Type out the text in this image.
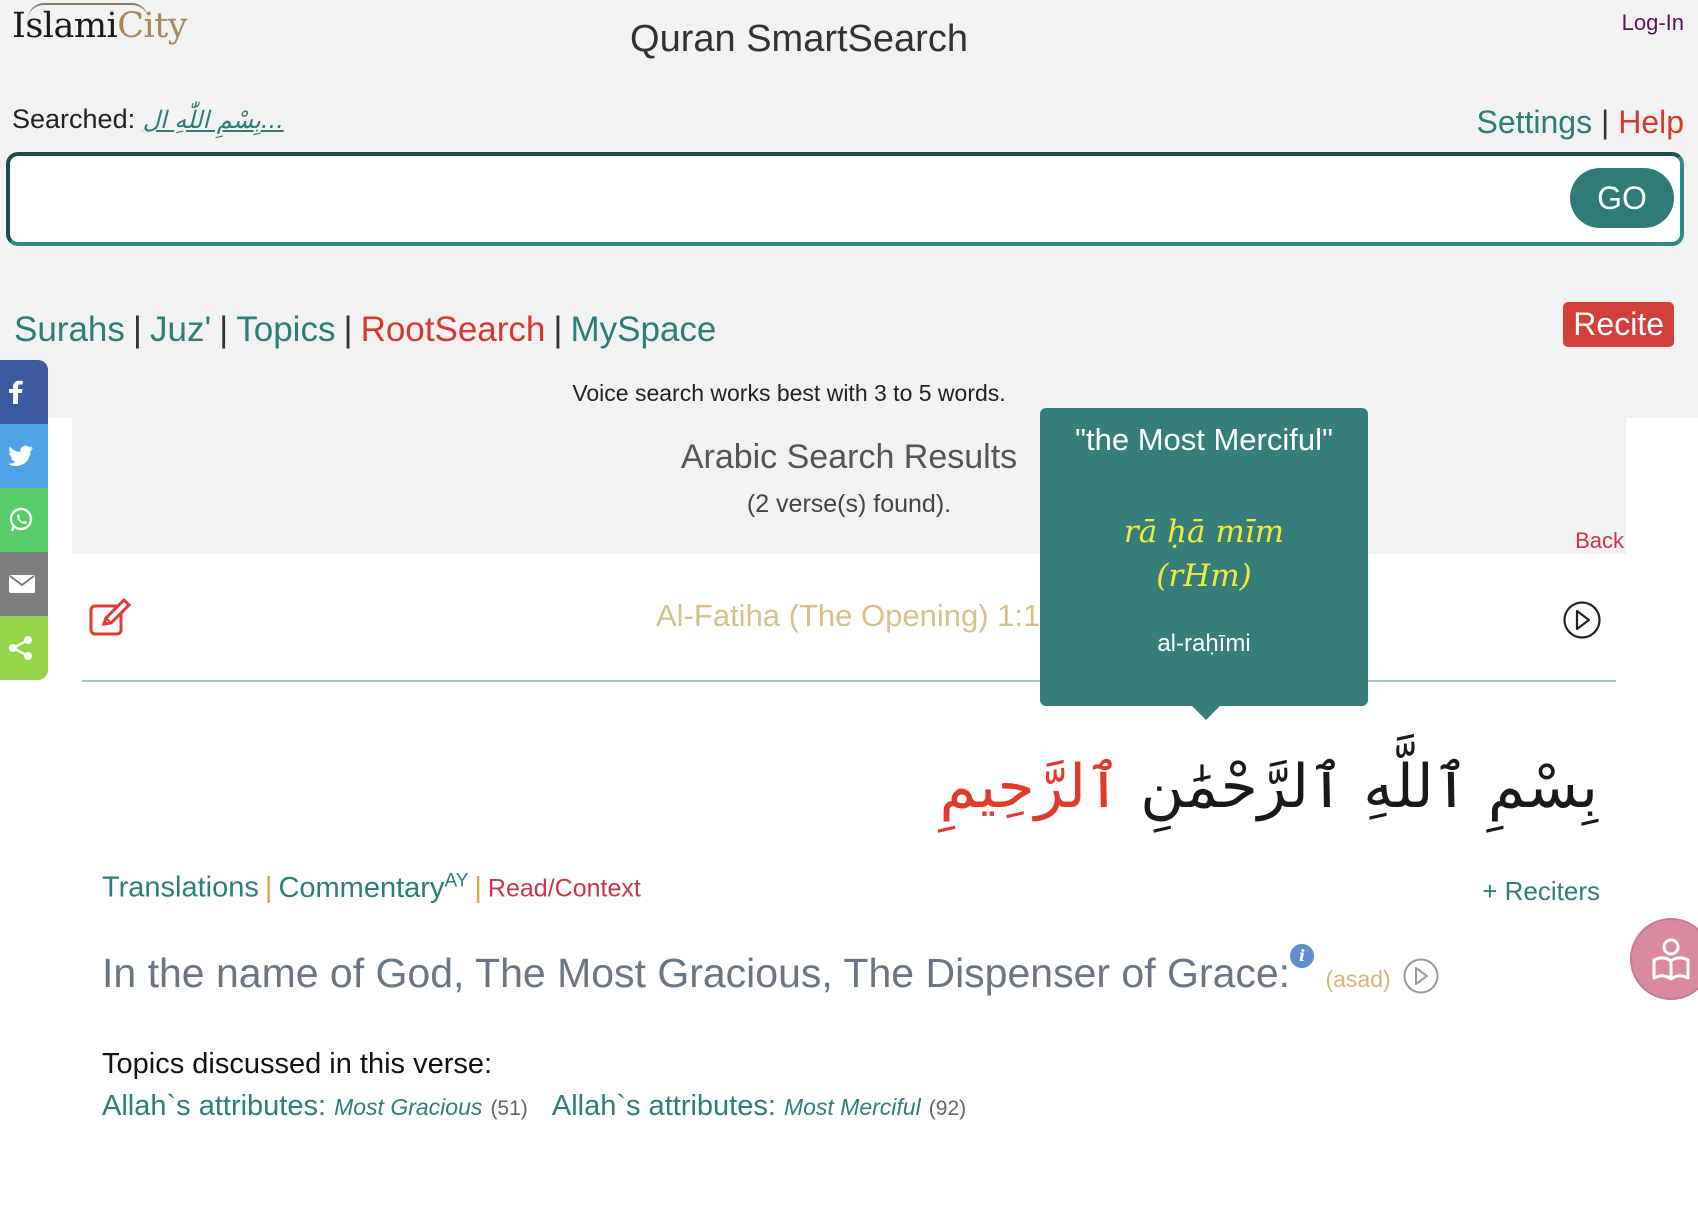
IslamiCity	Quran SmartSearch	Log-In
Searched: بِسْمِ اللّٰهِ ال...	Settings | Help
GO
Surahs | Juz' | Topics | RootSearch | MySpace	Recite
Voice search works best with 3 to 5 words.
Arabic Search Results
(2 verse(s) found).
Back
Al-Fatiha (The Opening) 1:1
"the Most Merciful"
rā ḥā mīm
(rHm)
al-raḥīmi
بِسْمِ ٱللَّهِ ٱلرَّحْمَٰنِ ٱلرَّحِيمِ
Translations | Commentary$^{AY}$ | Read/Context	+ Reciters
In the name of God, The Most Gracious, The Dispenser of Grace: i (asad)
Topics discussed in this verse:
Allah`s attributes: Most Gracious (51) Allah`s attributes: Most Merciful (92)
